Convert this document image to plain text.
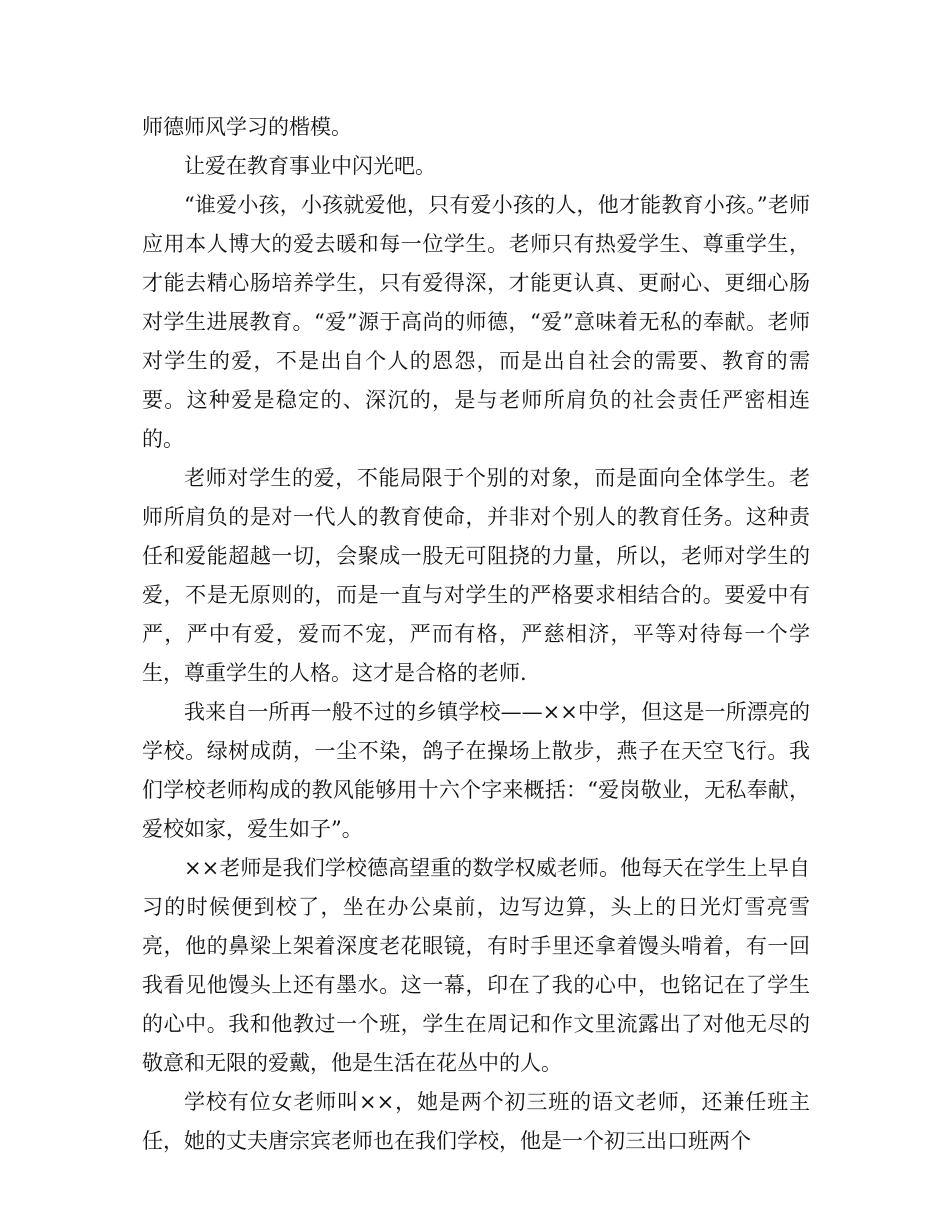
师德师风学习的楷模。

让爱在教育事业中闪光吧。

“谁爱小孩，小孩就爱他，只有爱小孩的人，他才能教育小孩。”老师应用本人博大的爱去暖和每一位学生。老师只有热爱学生、尊重学生，才能去精心肠培养学生，只有爱得深，才能更认真、更耐心、更细心肠对学生进展教育。“爱”源于高尚的师德，“爱”意味着无私的奉献。老师对学生的爱，不是出自个人的恩怨，而是出自社会的需要、教育的需要。这种爱是稳定的、深沉的，是与老师所肩负的社会责任严密相连的。

老师对学生的爱，不能局限于个别的对象，而是面向全体学生。老师所肩负的是对一代人的教育使命，并非对个别人的教育任务。这种责任和爱能超越一切，会聚成一股无可阻挠的力量，所以，老师对学生的爱，不是无原则的，而是一直与对学生的严格要求相结合的。要爱中有严，严中有爱，爱而不宠，严而有格，严慈相济，平等对待每一个学生，尊重学生的人格。这才是合格的老师.

我来自一所再一般不过的乡镇学校——××中学，但这是一所漂亮的学校。绿树成荫，一尘不染，鸽子在操场上散步，燕子在天空飞行。我们学校老师构成的教风能够用十六个字来概括：“爱岗敬业，无私奉献，爱校如家，爱生如子”。

××老师是我们学校德高望重的数学权威老师。他每天在学生上早自习的时候便到校了，坐在办公桌前，边写边算，头上的日光灯雪亮雪亮，他的鼻梁上架着深度老花眼镜，有时手里还拿着馒头啃着，有一回我看见他馒头上还有墨水。这一幕，印在了我的心中，也铭记在了学生的心中。我和他教过一个班，学生在周记和作文里流露出了对他无尽的敬意和无限的爱戴，他是生活在花丛中的人。

学校有位女老师叫××，她是两个初三班的语文老师，还兼任班主任，她的丈夫唐宗宾老师也在我们学校，他是一个初三出口班两个
